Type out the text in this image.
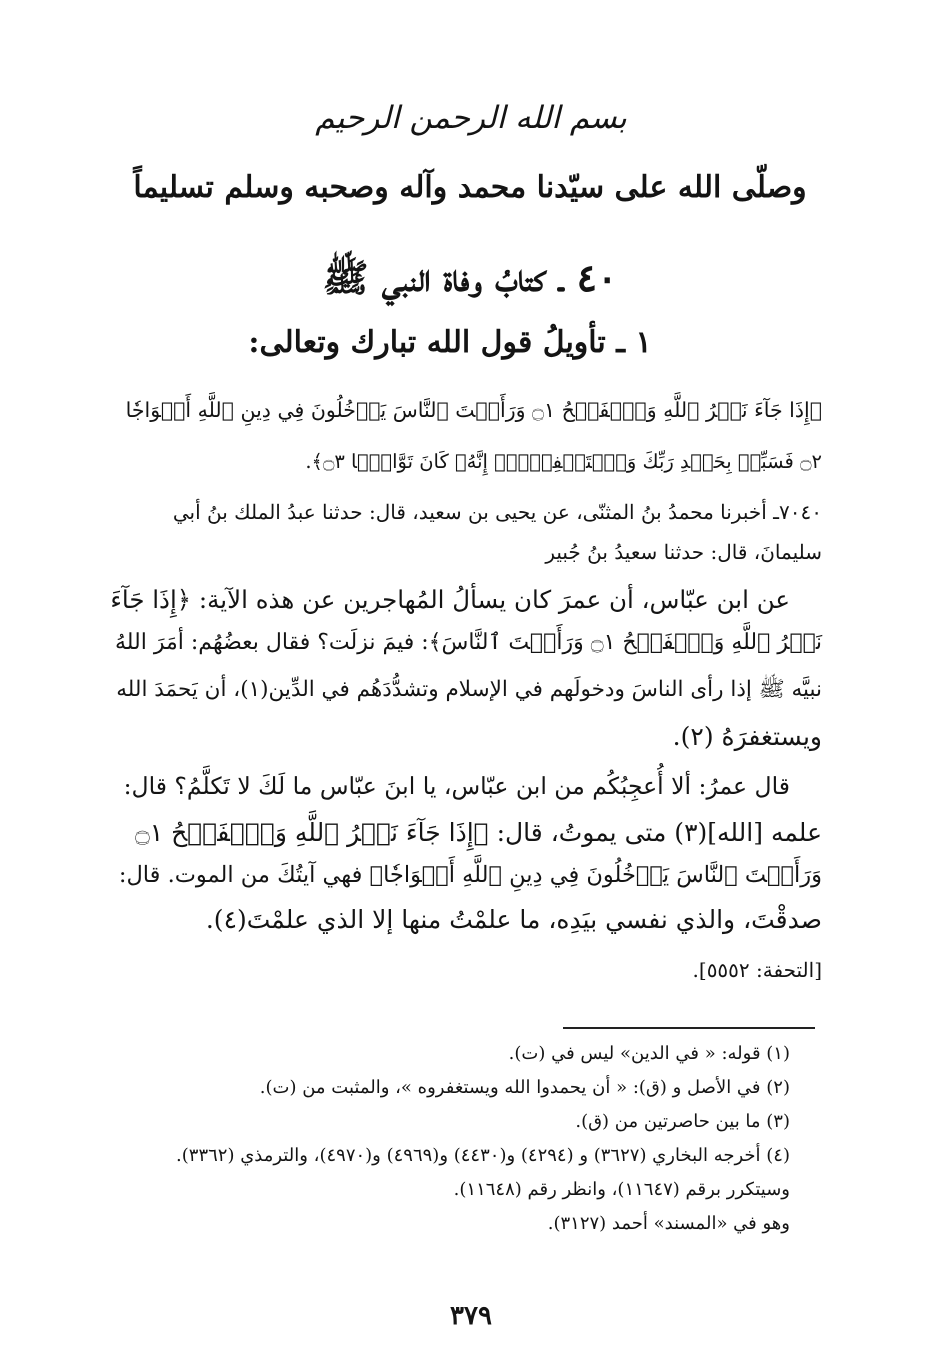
بسم الله الرحمن الرحيم
وصلّى الله على سيّدنا محمد وآله وصحبه وسلم تسليماً
٤٠ ـ كتابُ وفاة النبي ﷺ
١ ـ تأويلُ قول الله تبارك وتعالى:
﴿إِذَا جَآءَ نَصۡرُ ٱللَّهِ وَٱلۡفَتۡحُ ۝١ وَرَأَيۡتَ ٱلنَّاسَ يَدۡخُلُونَ فِي دِينِ ٱللَّهِ أَفۡوَاجٗا
۝٢ فَسَبِّحۡ بِحَمۡدِ رَبِّكَ وَٱسۡتَغۡفِرۡهُۚ إِنَّهُۥ كَانَ تَوَّابَۢا ۝٣﴾.
٧٠٤٠ـ أخبرنا محمدُ بنُ المثنّى، عن يحيى بن سعيد، قال: حدثنا عبدُ الملك بنُ أبي
سليمانَ، قال: حدثنا سعيدُ بنُ جُبير
عن ابن عبّاس، أن عمرَ كان يسألُ المُهاجرين عن هذه الآية: ﴿إِذَا جَآءَ
نَصۡرُ ٱللَّهِ وَٱلۡفَتۡحُ ۝١ وَرَأَيۡتَ ٱلنَّاسَ﴾: فيمَ نزلَت؟ فقال بعضُهُم: أمَرَ اللهُ
نبيَّه ﷺ إذا رأى الناسَ ودخولَهم في الإسلام وتشدُّدَهُم في الدِّين(١)، أن يَحمَدَ الله
ويستغفرَهُ (٢).
قال عمرُ: ألا أُعجِبُكُم من ابن عبّاس، يا ابنَ عبّاس ما لَكَ لا تَكلَّمُ؟ قال:
علمه [الله](٣) متى يموتُ، قال: ﴿إِذَا جَآءَ نَصۡرُ ٱللَّهِ وَٱلۡفَتۡحُ ۝١
وَرَأَيۡتَ ٱلنَّاسَ يَدۡخُلُونَ فِي دِينِ ٱللَّهِ أَفۡوَاجٗا﴾ فهي آيتُكَ من الموت. قال:
صدقْتَ، والذي نفسي بيَدِه، ما علمْتُ منها إلا الذي علمْتَ(٤).
[التحفة: ٥٥٥٢].
(١) قوله: « في الدين» ليس في (ت).
(٢) في الأصل و (ق): « أن يحمدوا الله ويستغفروه »، والمثبت من (ت).
(٣) ما بين حاصرتين من (ق).
(٤) أخرجه البخاري (٣٦٢٧) و (٤٢٩٤) و(٤٤٣٠) و(٤٩٦٩) و(٤٩٧٠)، والترمذي (٣٣٦٢).
وسيتكرر برقم (١١٦٤٧)، وانظر رقم (١١٦٤٨).
وهو في «المسند» أحمد (٣١٢٧).
٣٧٩
